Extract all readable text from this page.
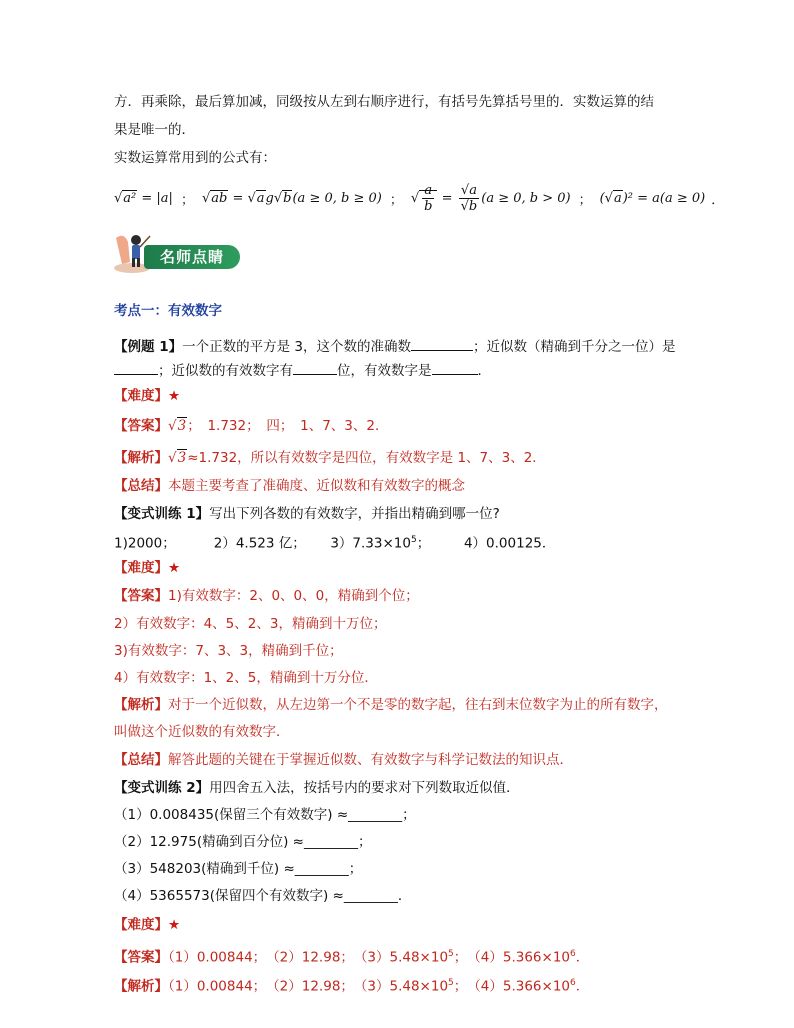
方．再乘除，最后算加减，同级按从左到右顺序进行，有括号先算括号里的．实数运算的结
果是唯一的．
实数运算常用到的公式有：
√a² = |a| ； √ab = √ag√b(a ≥ 0, b ≥ 0) ； √ $\frac{a}{b} = \frac{√a}{√b} (a \ge 0$, b > 0) ； (√a)² = a(a ≥ 0) ．
名师点睛
考点一：有效数字
【例题 1】一个正数的平方是 3，这个数的准确数	；近似数（精确到千分之一位）是
；近似数的有效数字有	位，有效数字是	．
【难度】★
【答案】√3；　1.732；　四；　1、7、3、2．
【解析】√3≈1.732，所以有效数字是四位，有效数字是 1、7、3、2．
【总结】本题主要考查了准确度、近似数和有效数字的概念
【变式训练 1】写出下列各数的有效数字，并指出精确到哪一位?
1)2000；　　　 2）4.523 亿；　　 $3)7.33\times 10^5$；　　　4）0.00125．
【难度】★
【答案】1)有效数字：2、0、0、0，精确到个位；
2）有效数字：4、5、2、3，精确到十万位；
3)有效数字：7、3、3，精确到千位；
4）有效数字：1、2、5，精确到十万分位．
【解析】对于一个近似数，从左边第一个不是零的数字起，往右到末位数字为止的所有数字，
叫做这个近似数的有效数字．
【总结】解答此题的关键在于掌握近似数、有效数字与科学记数法的知识点．
【变式训练 2】用四舍五入法，按括号内的要求对下列数取近似值．
（1）0.008435(保留三个有效数字) ≈________；
（2）12.975(精确到百分位) ≈________；
（3）548203(精确到千位) ≈________；
（4）5365573(保留四个有效数字) ≈________．
【难度】★
【答案】（1）0.00844；　（2）12.98；　$(3)5.48\times 10^5$；　$(4)5.366\times 10^6$．
【解析】（1）0.00844；　（2）12.98；　$(3)5.48\times 10^5$；　$(4)5.366\times 10^6$．
